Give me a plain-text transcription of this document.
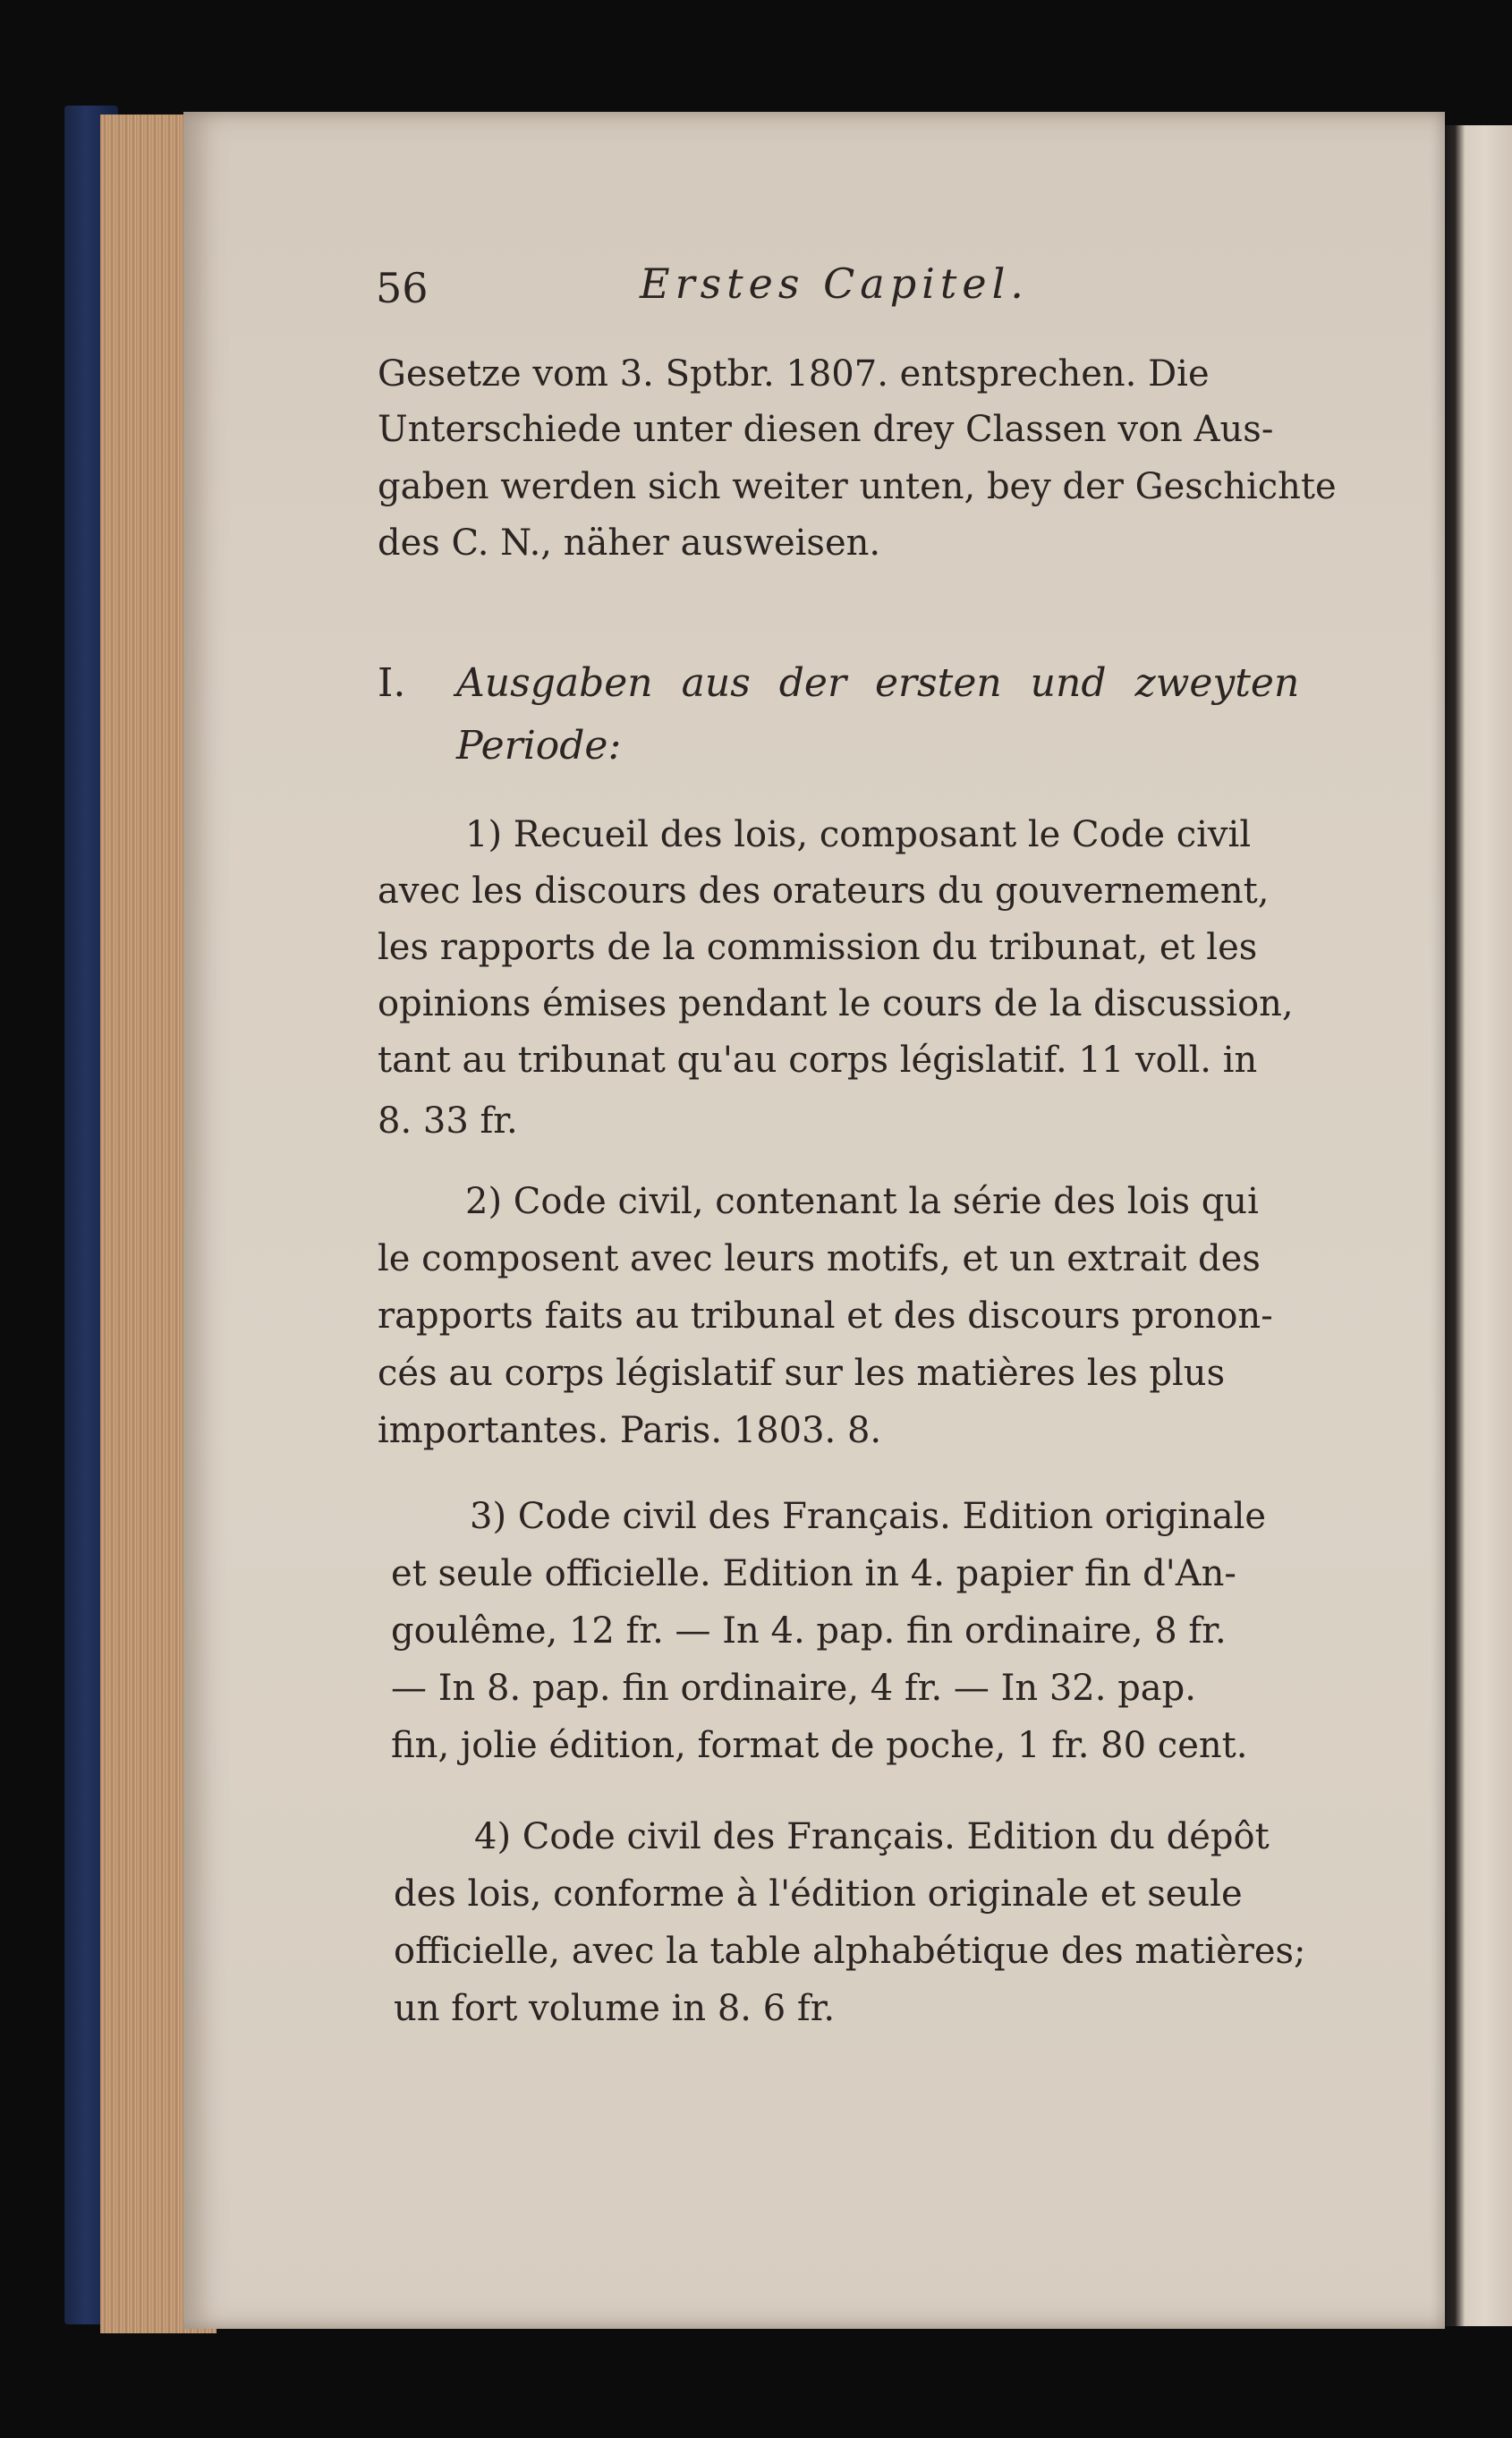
56	Erstes Capitel.
Gesetze vom 3. Sptbr. 1807. entsprechen. Die
Unterschiede unter diesen drey Classen von Aus-
gaben werden sich weiter unten, bey der Geschichte
des C. N., näher ausweisen.
I. Ausgaben aus der ersten und zweyten
Periode:
1) Recueil des lois, composant le Code civil
avec les discours des orateurs du gouvernement,
les rapports de la commission du tribunat, et les
opinions émises pendant le cours de la discussion,
tant au tribunat qu'au corps législatif. 11 voll. in
8. 33 fr.
2) Code civil, contenant la série des lois qui
le composent avec leurs motifs, et un extrait des
rapports faits au tribunal et des discours pronon-
cés au corps législatif sur les matières les plus
importantes. Paris. 1803. 8.
3) Code civil des Français. Edition originale
et seule officielle. Edition in 4. papier fin d'An-
goulême, 12 fr. — In 4. pap. fin ordinaire, 8 fr.
— In 8. pap. fin ordinaire, 4 fr. — In 32. pap.
fin, jolie édition, format de poche, 1 fr. 80 cent.
4) Code civil des Français. Edition du dépôt
des lois, conforme à l'édition originale et seule
officielle, avec la table alphabétique des matières;
un fort volume in 8. 6 fr.
